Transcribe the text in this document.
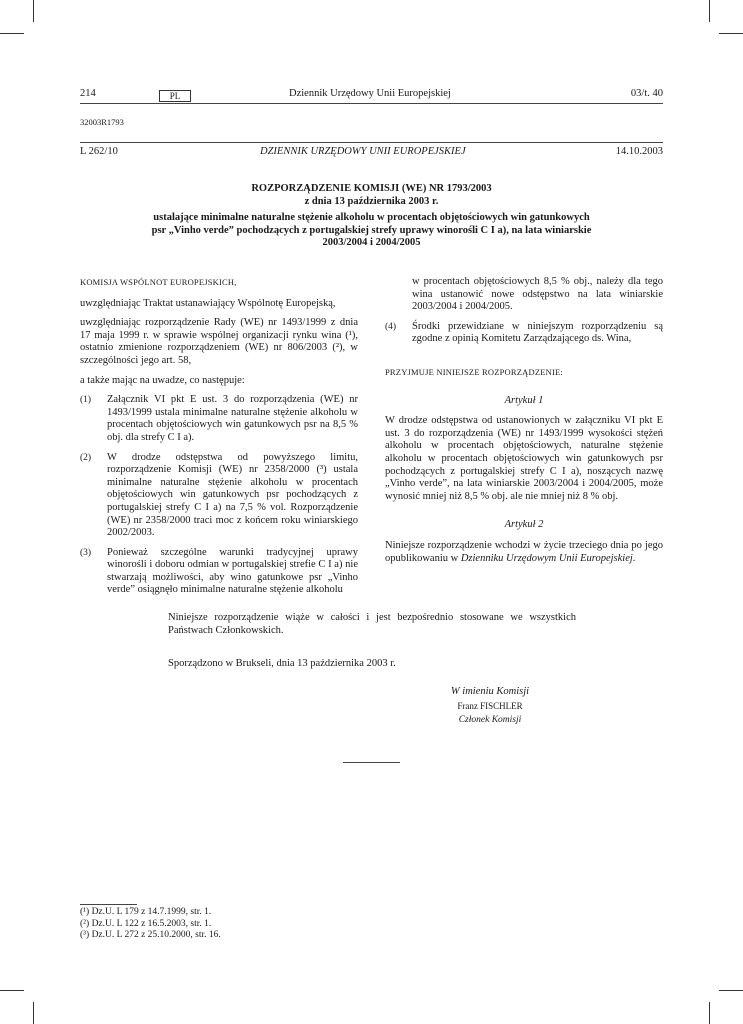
214	PL	Dziennik Urzędowy Unii Europejskiej	03/t. 40
32003R1793
L 262/10	DZIENNIK URZĘDOWY UNII EUROPEJSKIEJ	14.10.2003
ROZPORZĄDZENIE KOMISJI (WE) NR 1793/2003
z dnia 13 października 2003 r.
ustalające minimalne naturalne stężenie alkoholu w procentach objętościowych win gatunkowych
psr „Vinho verde” pochodzących z portugalskiej strefy uprawy winorośli C I a), na lata winiarskie
2003/2004 i 2004/2005

KOMISJA WSPÓLNOT EUROPEJSKICH,

uwzględniając Traktat ustanawiający Wspólnotę Europejską,

uwzględniając rozporządzenie Rady (WE) nr 1493/1999 z dnia 17 maja 1999 r. w sprawie wspólnej organizacji rynku wina (¹), ostatnio zmienione rozporządzeniem (WE) nr 806/2003 (²), w szczególności jego art. 58,

a także mając na uwadze, co następuje:

(1)	Załącznik VI pkt E ust. 3 do rozporządzenia (WE) nr 1493/1999 ustala minimalne naturalne stężenie alkoholu w procentach objętościowych win gatunkowych psr na 8,5 % obj. dla strefy C I a).
(2)	W drodze odstępstwa od powyższego limitu, rozporządzenie Komisji (WE) nr 2358/2000 (³) ustala minimalne naturalne stężenie alkoholu w procentach objętościowych win gatunkowych psr pochodzących z portugalskiej strefy C I a) na 7,5 % vol. Rozporządzenie (WE) nr 2358/2000 traci moc z końcem roku winiarskiego 2002/2003.
(3)	Ponieważ szczególne warunki tradycyjnej uprawy winorośli i doboru odmian w portugalskiej strefie C I a) nie stwarzają możliwości, aby wino gatunkowe psr „Vinho verde” osiągnęło minimalne naturalne stężenie alkoholu

w procentach objętościowych 8,5 % obj., należy dla tego wina ustanowić nowe odstępstwo na lata winiarskie 2003/2004 i 2004/2005.

(4)	Środki przewidziane w niniejszym rozporządzeniu są zgodne z opinią Komitetu Zarządzającego ds. Wina,

PRZYJMUJE NINIEJSZE ROZPORZĄDZENIE:

Artykuł 1

W drodze odstępstwa od ustanowionych w załączniku VI pkt E ust. 3 do rozporządzenia (WE) nr 1493/1999 wysokości stężeń alkoholu w procentach objętościowych, naturalne stężenie alkoholu w procentach objętościowych win gatunkowych psr pochodzących z portugalskiej strefy C I a), noszących nazwę „Vinho verde”, na lata winiarskie 2003/2004 i 2004/2005, może wynosić mniej niż 8,5 % obj. ale nie mniej niż 8 % obj.

Artykuł 2

Niniejsze rozporządzenie wchodzi w życie trzeciego dnia po jego opublikowaniu w Dzienniku Urzędowym Unii Europejskiej.

Niniejsze rozporządzenie wiąże w całości i jest bezpośrednio stosowane we wszystkich Państwach Członkowskich.
Sporządzono w Brukseli, dnia 13 października 2003 r.
W imieniu Komisji
Franz FISCHLER
Członek Komisji
(¹) Dz.U. L 179 z 14.7.1999, str. 1.
(²) Dz.U. L 122 z 16.5.2003, str. 1.
(³) Dz.U. L 272 z 25.10.2000, str. 16.
